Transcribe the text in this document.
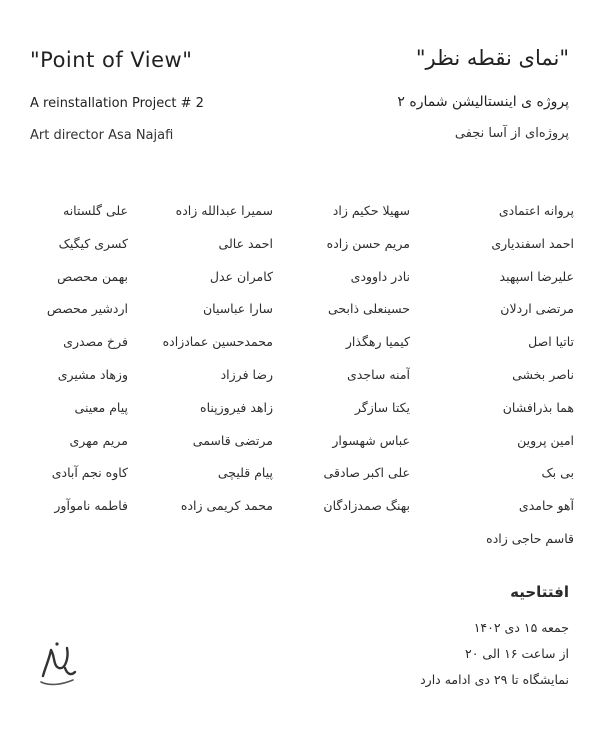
"Point of View"
A reinstallation Project # 2
Art director Asa Najafi
"نمای نقطه نظر"
پروژه ی اینستالیشن شماره ۲
پروژه‌ای از آسا نجفی
پروانه اعتمادی
احمد اسفندیاری
علیرضا اسپهبد
مرتضی اردلان
تاتیا اصل
ناصر بخشی
هما بذرافشان
امین پروین
بی بک
آهو حامدی
قاسم حاجی زاده
سهیلا حکیم زاد
مریم حسن زاده
نادر داوودی
حسینعلی ذابحی
کیمیا رهگذار
آمنه ساجدی
یکتا سازگر
عباس شهسوار
علی اکبر صادقی
بهنگ صمدزادگان
سمیرا عبدالله زاده
احمد عالی
کامران عدل
سارا عباسیان
محمدحسین عمادزاده
رضا فرزاد
زاهد فیروزپناه
مرتضی قاسمی
پیام قلیچی
محمد کریمی زاده
علی گلستانه
کسری کیگیک
بهمن محصص
اردشیر محصص
فرخ مصدری
وزهاد مشیری
پیام معینی
مریم مهری
کاوه نجم آبادی
فاطمه ناموآور
افتتاحیه
جمعه ۱۵ دی ۱۴۰۲
از ساعت ۱۶ الی ۲۰
نمایشگاه تا ۲۹ دی ادامه دارد
